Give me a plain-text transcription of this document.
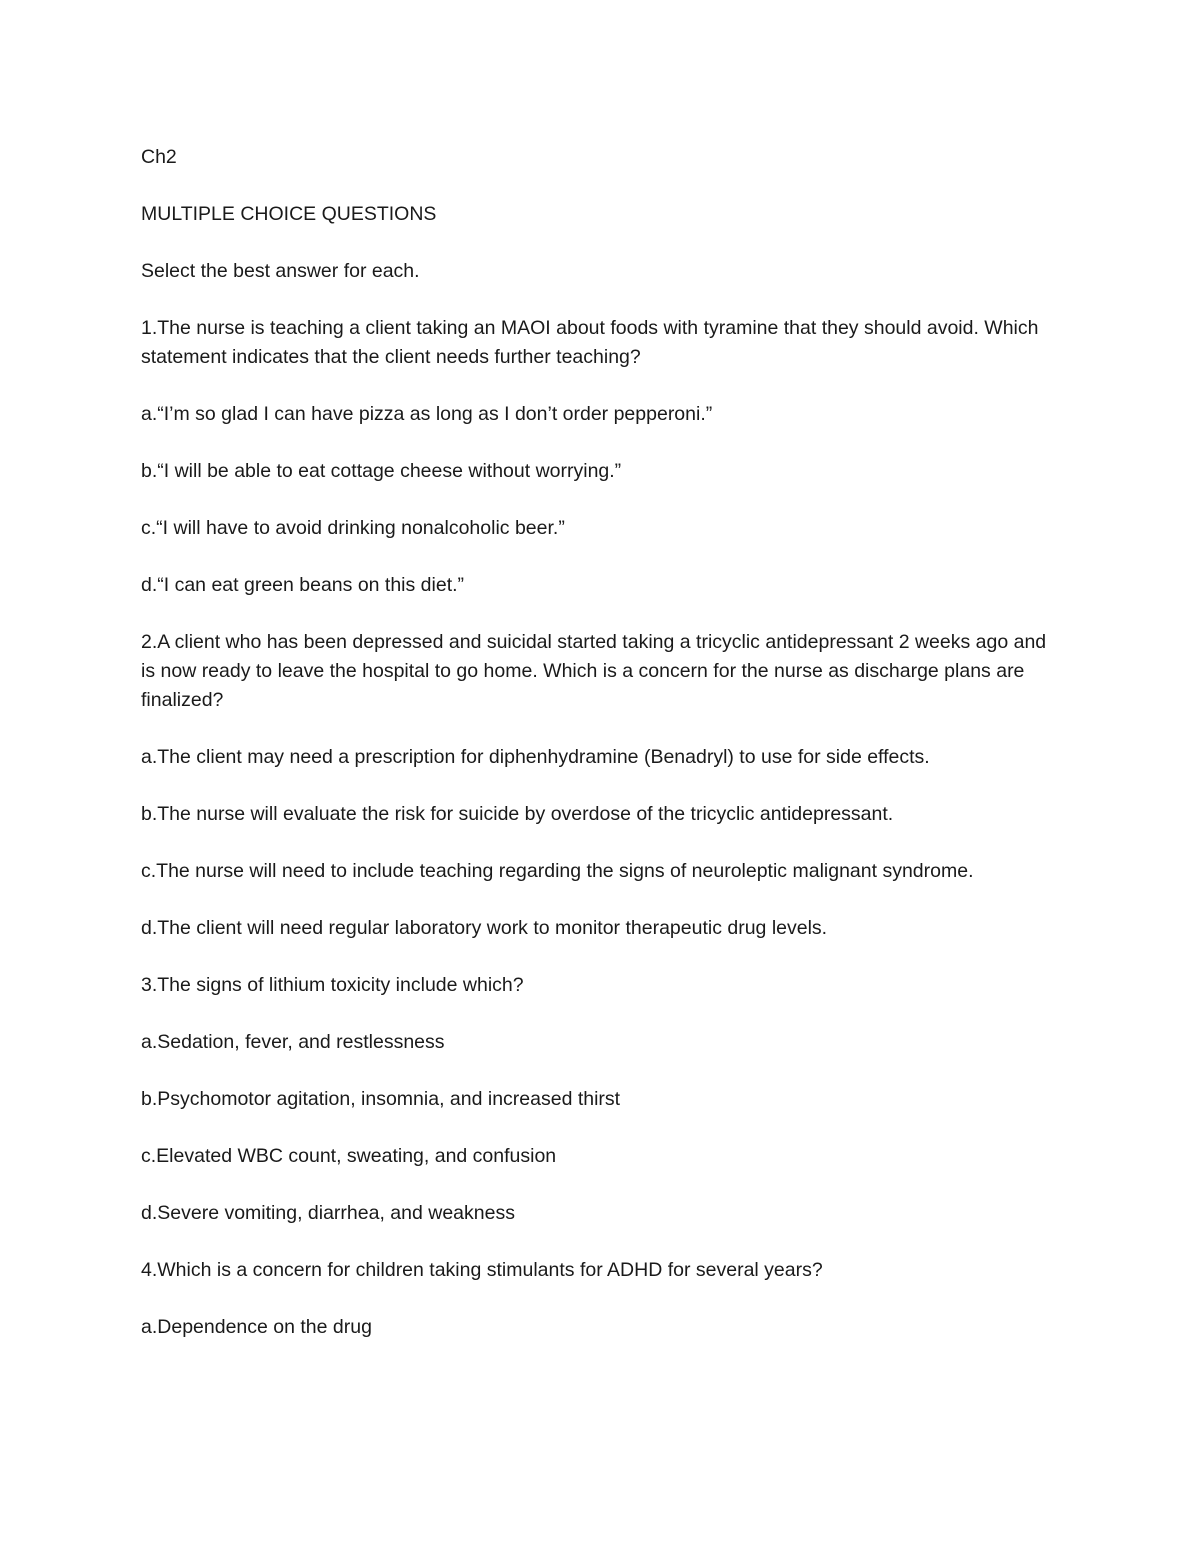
Ch2

MULTIPLE CHOICE QUESTIONS

Select the best answer for each.

1.The nurse is teaching a client taking an MAOI about foods with tyramine that they should avoid. Which statement indicates that the client needs further teaching?

a.“I’m so glad I can have pizza as long as I don’t order pepperoni.”

b.“I will be able to eat cottage cheese without worrying.”

c.“I will have to avoid drinking nonalcoholic beer.”

d.“I can eat green beans on this diet.”

2.A client who has been depressed and suicidal started taking a tricyclic antidepressant 2 weeks ago and is now ready to leave the hospital to go home. Which is a concern for the nurse as discharge plans are finalized?

a.The client may need a prescription for diphenhydramine (Benadryl) to use for side effects.

b.The nurse will evaluate the risk for suicide by overdose of the tricyclic antidepressant.

c.The nurse will need to include teaching regarding the signs of neuroleptic malignant syndrome.

d.The client will need regular laboratory work to monitor therapeutic drug levels.

3.The signs of lithium toxicity include which?

a.Sedation, fever, and restlessness

b.Psychomotor agitation, insomnia, and increased thirst

c.Elevated WBC count, sweating, and confusion

d.Severe vomiting, diarrhea, and weakness

4.Which is a concern for children taking stimulants for ADHD for several years?

a.Dependence on the drug
